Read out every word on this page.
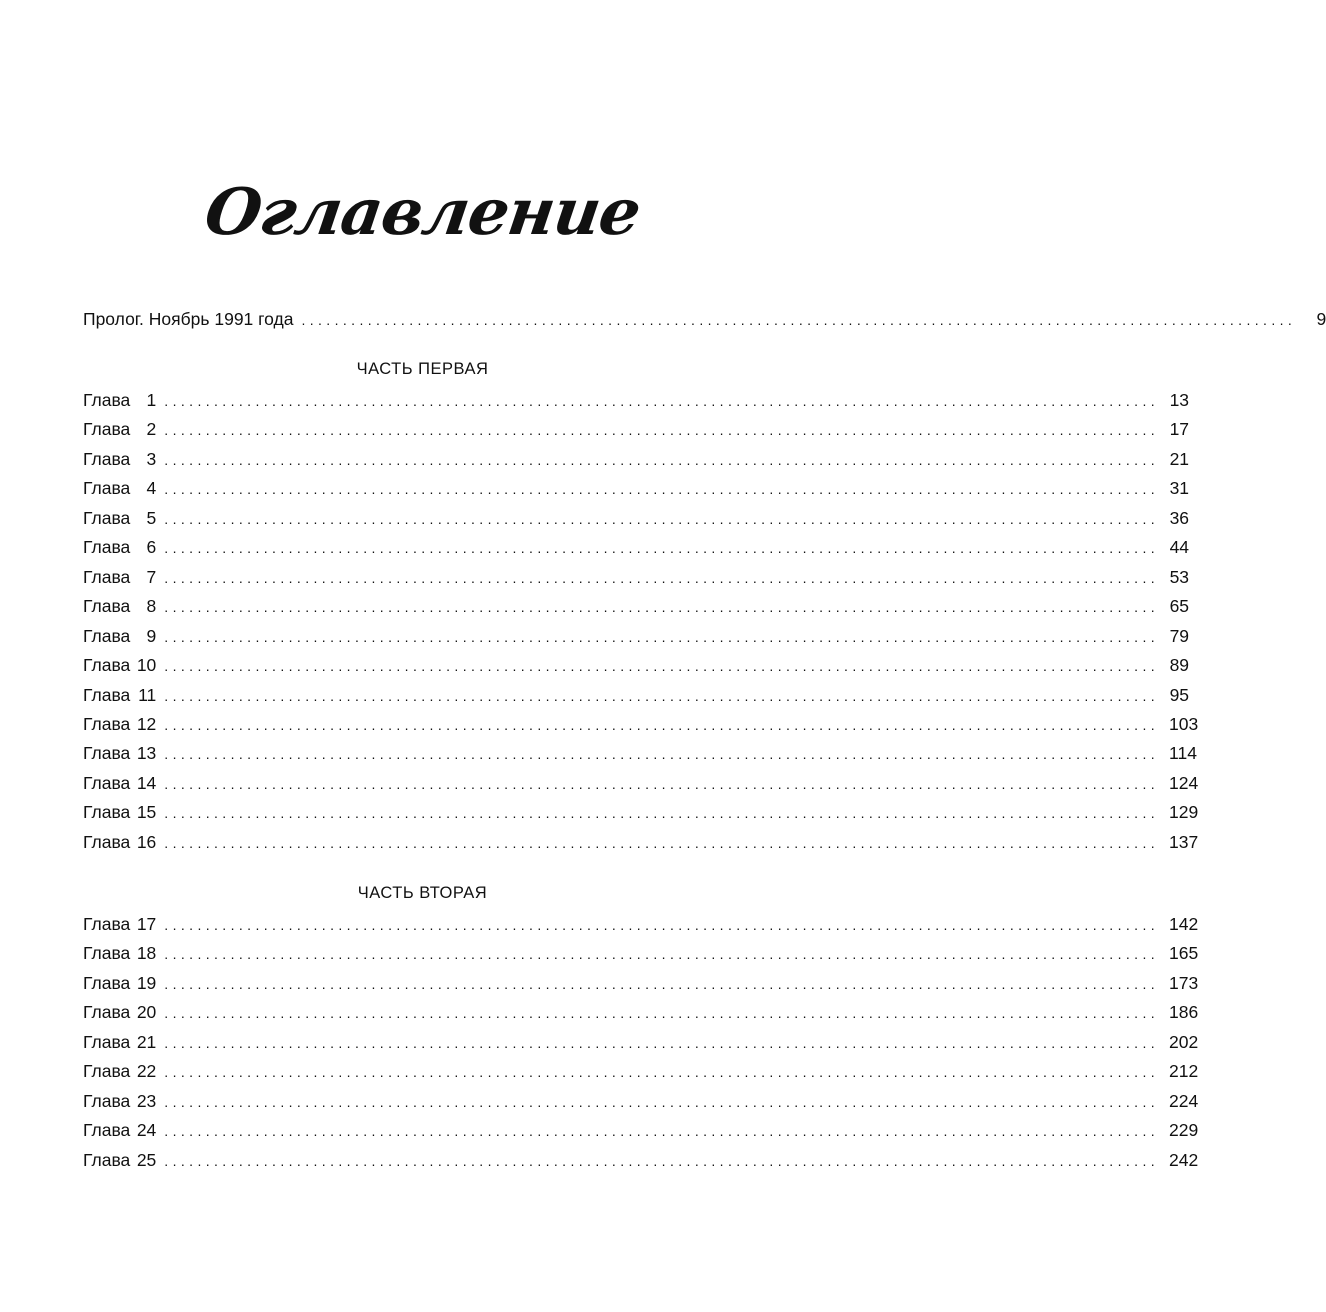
Оглавление
Пролог. Ноябрь 1991 года ........................................................................................................................	9
ЧАСТЬ ПЕРВАЯ
Глава 1 ........................................................................................................................ 13
Глава 2 ........................................................................................................................ 17
Глава 3 ........................................................................................................................ 21
Глава 4 ........................................................................................................................ 31
Глава 5 ........................................................................................................................ 36
Глава 6 ........................................................................................................................ 44
Глава 7 ........................................................................................................................ 53
Глава 8 ........................................................................................................................ 65
Глава 9 ........................................................................................................................ 79
Глава 10 ........................................................................................................................ 89
Глава 11 ........................................................................................................................ 95
Глава 12 ........................................................................................................................ 103
Глава 13 ........................................................................................................................ 114
Глава 14 ........................................................................................................................ 124
Глава 15 ........................................................................................................................ 129
Глава 16 ........................................................................................................................ 137
ЧАСТЬ ВТОРАЯ
Глава 17 ........................................................................................................................ 142
Глава 18 ........................................................................................................................ 165
Глава 19 ........................................................................................................................ 173
Глава 20 ........................................................................................................................ 186
Глава 21 ........................................................................................................................ 202
Глава 22 ........................................................................................................................ 212
Глава 23 ........................................................................................................................ 224
Глава 24 ........................................................................................................................ 229
Глава 25 ........................................................................................................................ 242
